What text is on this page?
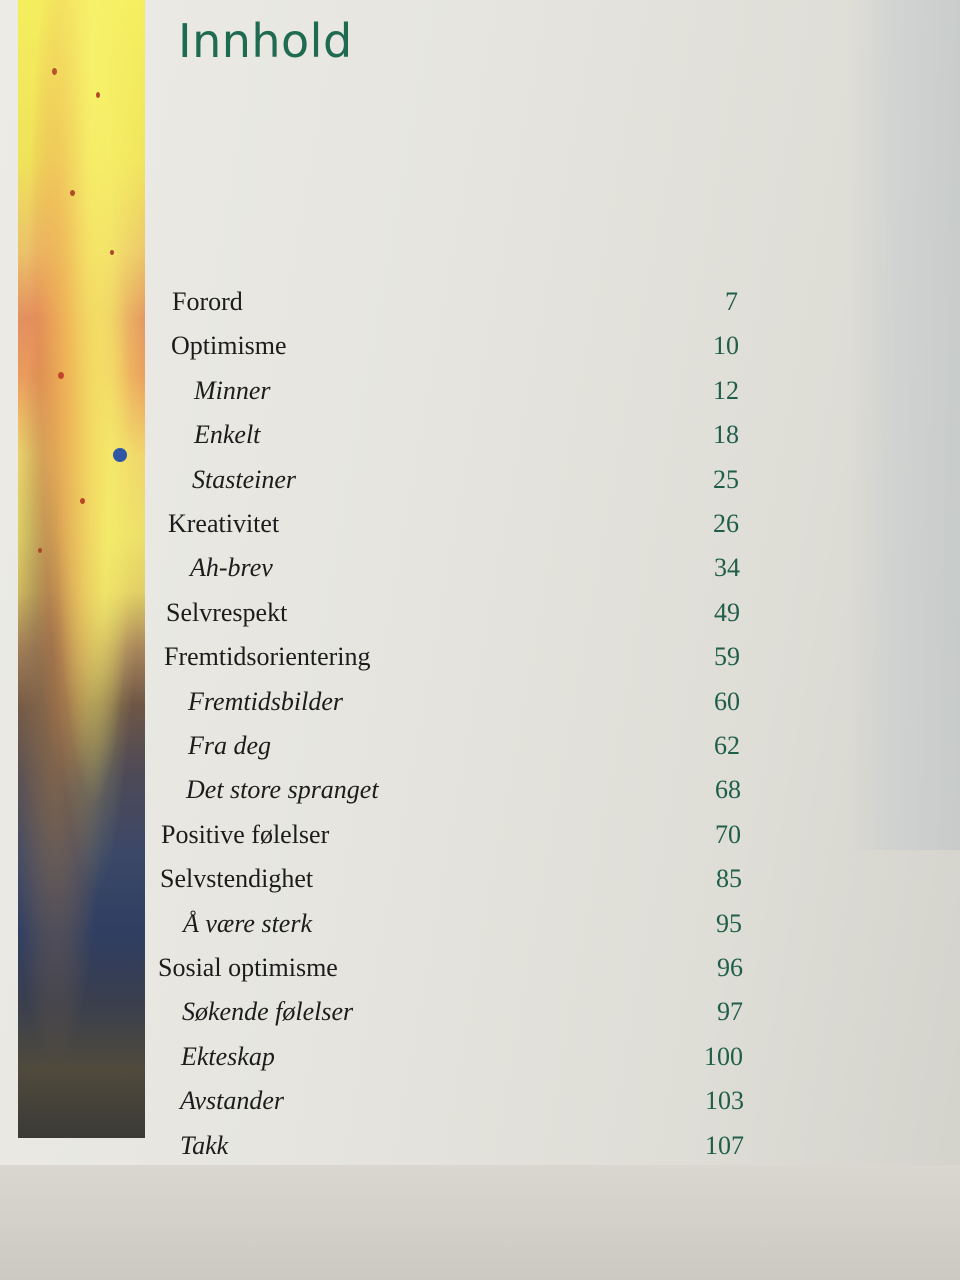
Innhold
Forord	7
Optimisme	10
Minner	12
Enkelt	18
Stasteiner	25
Kreativitet	26
Ah-brev	34
Selvrespekt	49
Fremtidsorientering	59
Fremtidsbilder	60
Fra deg	62
Det store spranget	68
Positive følelser	70
Selvstendighet	85
Å være sterk	95
Sosial optimisme	96
Søkende følelser	97
Ekteskap	100
Avstander	103
Takk	107
